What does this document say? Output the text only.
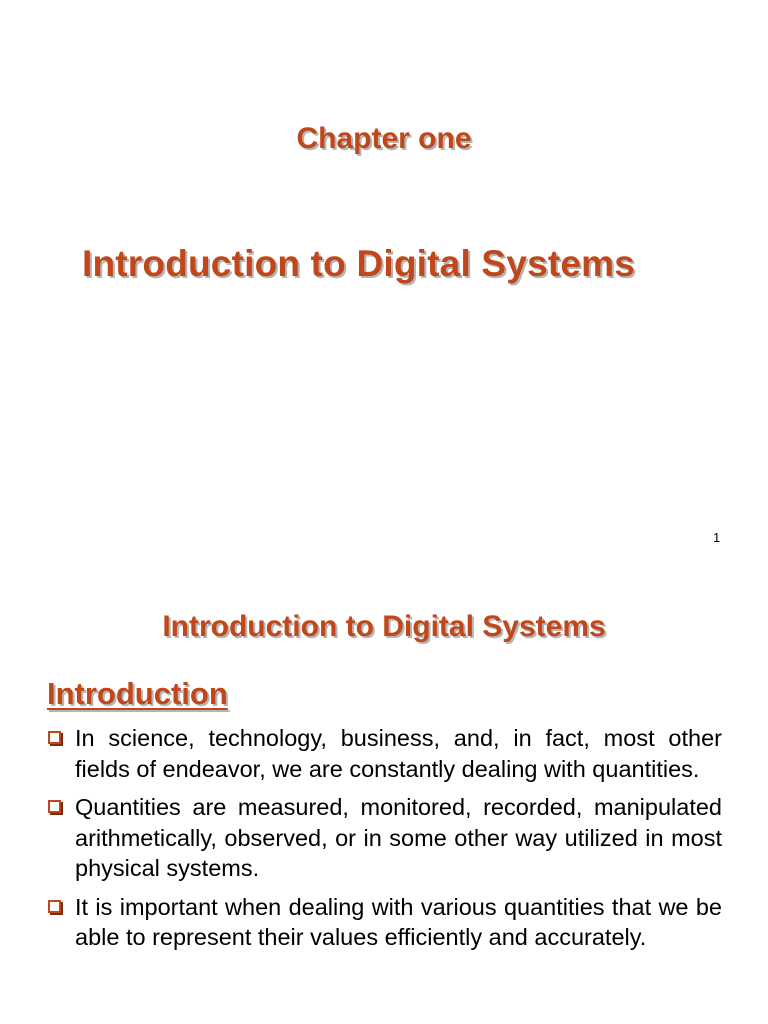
Chapter one
Introduction to Digital Systems
1
Introduction to Digital Systems
Introduction
In science, technology, business, and, in fact, most other fields of endeavor, we are constantly dealing with quantities.
Quantities are measured, monitored, recorded, manipulated arithmetically, observed, or in some other way utilized in most physical systems.
It is important when dealing with various quantities that we be able to represent their values efficiently and accurately.
